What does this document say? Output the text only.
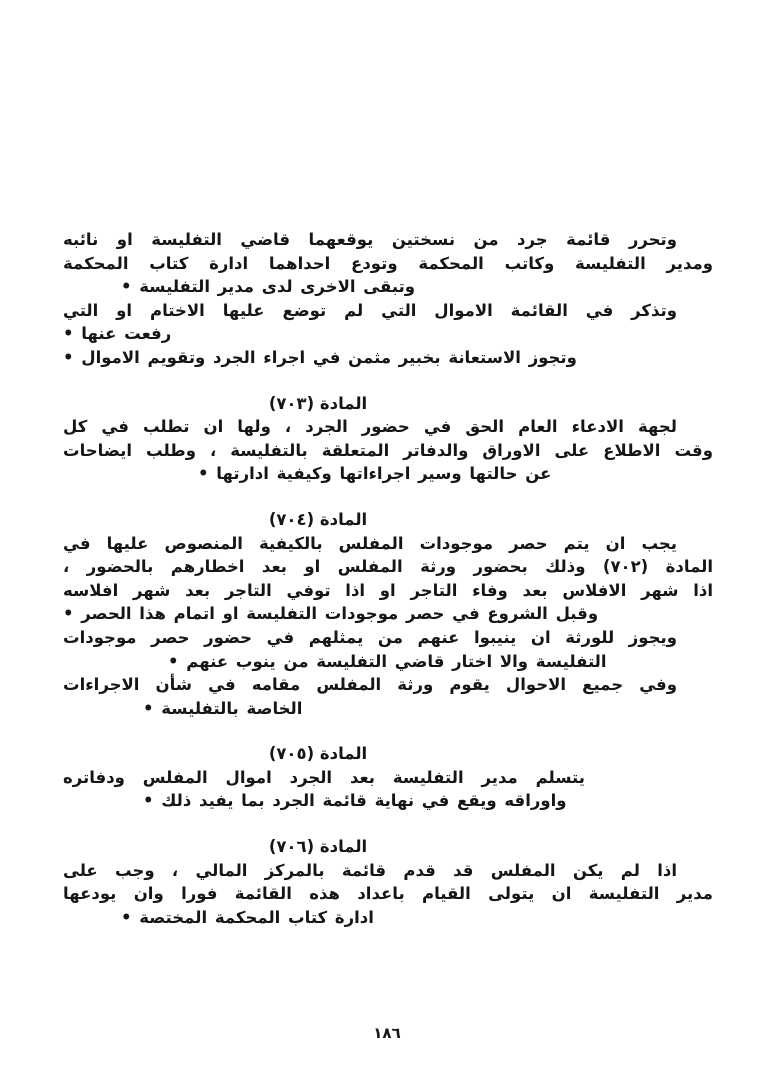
وتحرر قائمة جرد من نسختين يوقعهما قاضي التفليسة او نائبه
ومدير التفليسة وكاتب المحكمة وتودع احداهما ادارة كتاب المحكمة
وتبقى الاخرى لدى مدير التفليسة •
وتذكر في القائمة الاموال التي لم توضع عليها الاختام او التي
رفعت عنها •
وتجوز الاستعانة بخبير مثمن في اجراء الجرد وتقويم الاموال •
المادة (٧٠٣)
لجهة الادعاء العام الحق في حضور الجرد ، ولها ان تطلب في كل
وقت الاطلاع على الاوراق والدفاتر المتعلقة بالتفليسة ، وطلب ايضاحات
عن حالتها وسير اجراءاتها وكيفية ادارتها •
المادة (٧٠٤)
يجب ان يتم حصر موجودات المفلس بالكيفية المنصوص عليها في
المادة (٧٠٢) وذلك بحضور ورثة المفلس او بعد اخطارهم بالحضور ،
اذا شهر الافلاس بعد وفاء التاجر او اذا توفي التاجر بعد شهر افلاسه
وقبل الشروع في حصر موجودات التفليسة او اتمام هذا الحصر •
ويجوز للورثة ان ينيبوا عنهم من يمثلهم في حضور حصر موجودات
التفليسة والا اختار قاضي التفليسة من ينوب عنهم •
وفي جميع الاحوال يقوم ورثة المفلس مقامه في شأن الاجراءات
الخاصة بالتفليسة •
المادة (٧٠٥)
يتسلم مدير التفليسة بعد الجرد اموال المفلس ودفاتره
واوراقه ويقع في نهاية قائمة الجرد بما يفيد ذلك •
المادة (٧٠٦)
اذا لم يكن المفلس قد قدم قائمة بالمركز المالي ، وجب على
مدير التفليسة ان يتولى القيام باعداد هذه القائمة فورا وان يودعها
ادارة كتاب المحكمة المختصة •
١٨٦
